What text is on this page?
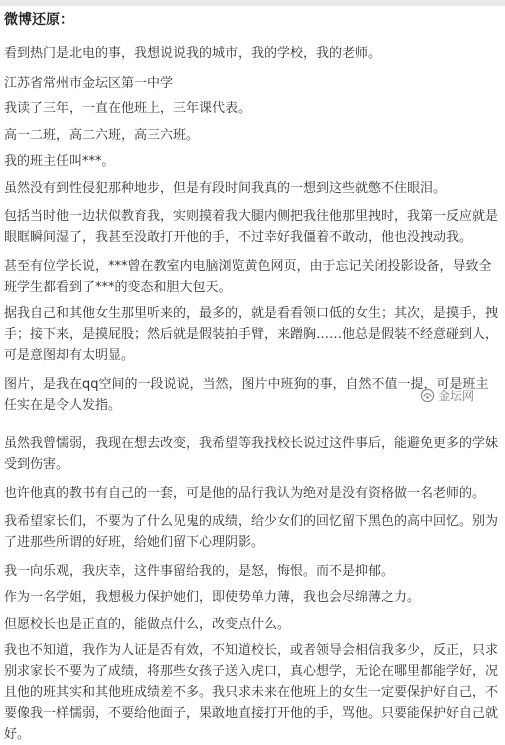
微博还原：
看到热门是北电的事，我想说说我的城市，我的学校，我的老师。
江苏省常州市金坛区第一中学
我读了三年，一直在他班上，三年课代表。
高一二班，高二六班，高三六班。
我的班主任叫***。
虽然没有到性侵犯那种地步，但是有段时间我真的一想到这些就憋不住眼泪。
包括当时他一边状似教育我，实则摸着我大腿内侧把我往他那里拽时，我第一反应就是眼眶瞬间湿了，我甚至没敢打开他的手，不过幸好我僵着不敢动，他也没拽动我。
甚至有位学长说，***曾在教室内电脑浏览黄色网页，由于忘记关闭投影设备，导致全班学生都看到了***的变态和胆大包天。
据我自己和其他女生那里听来的，最多的，就是看看领口低的女生；其次，是摸手，拽手；接下来，是摸屁股；然后就是假装拍手臂，来蹭胸……他总是假装不经意碰到人，可是意图却有太明显。
图片，是我在qq空间的一段说说，当然，图片中班狗的事，自然不值一提，可是班主任实在是令人发指。
金坛网
虽然我曾懦弱，我现在想去改变，我希望等我找校长说过这件事后，能避免更多的学妹受到伤害。
也许他真的教书有自己的一套，可是他的品行我认为绝对是没有资格做一名老师的。
我希望家长们，不要为了什么见鬼的成绩，给少女们的回忆留下黑色的高中回忆。别为了进那些所谓的好班，给她们留下心理阴影。
我一向乐观，我庆幸，这件事留给我的，是怒，悔恨。而不是抑郁。
作为一名学姐，我想极力保护她们，即使势单力薄，我也会尽绵薄之力。
但愿校长也是正直的，能做点什么，改变点什么。
我也不知道，我作为人证是否有效，不知道校长，或者领导会相信我多少，反正，只求别求家长不要为了成绩，将那些女孩子送入虎口，真心想学，无论在哪里都能学好，况且他的班其实和其他班成绩差不多。我只求未来在他班上的女生一定要保护好自己，不要像我一样懦弱，不要给他面子，果敢地直接打开他的手，骂他。只要能保护好自己就好。
